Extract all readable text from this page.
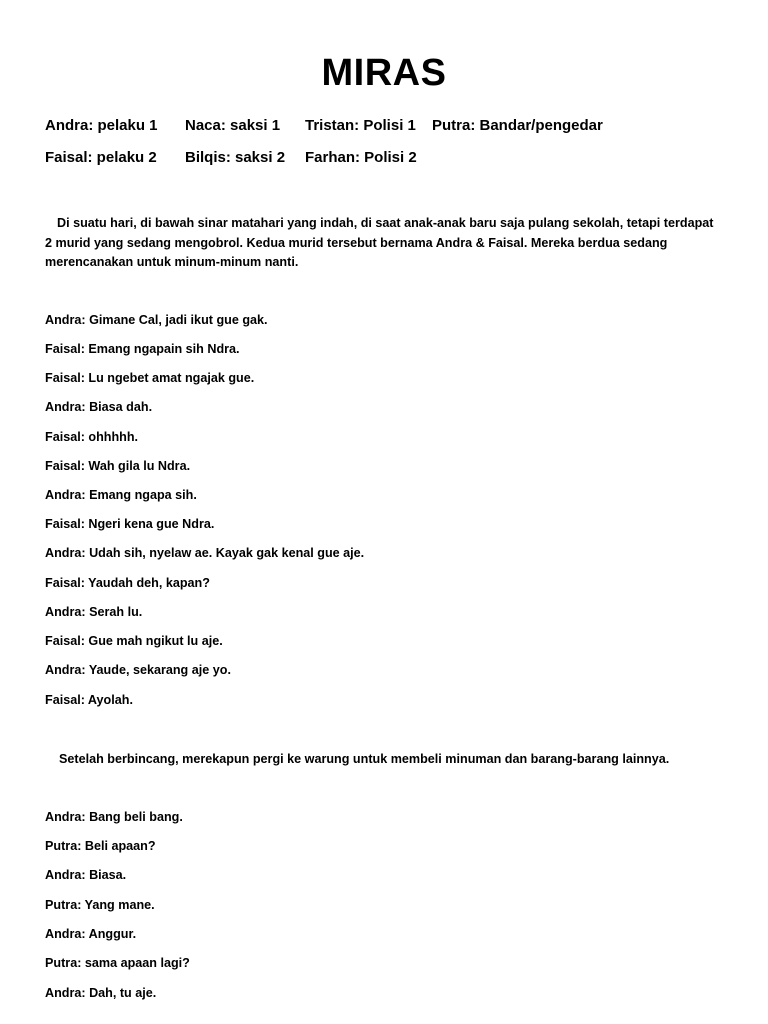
MIRAS
Andra: pelaku 1 Naca: saksi 1 Tristan: Polisi 1 Putra: Bandar/pengedar
Faisal: pelaku 2 Bilqis: saksi 2 Farhan: Polisi 2
Di suatu hari, di bawah sinar matahari yang indah, di saat anak-anak baru saja pulang sekolah, tetapi terdapat 2 murid yang sedang mengobrol. Kedua murid tersebut bernama Andra & Faisal. Mereka berdua sedang merencanakan untuk minum-minum nanti.
Andra: Gimane Cal, jadi ikut gue gak.
Faisal: Emang ngapain sih Ndra.
Faisal: Lu ngebet amat ngajak gue.
Andra: Biasa dah.
Faisal: ohhhhh.
Faisal: Wah gila lu Ndra.
Andra: Emang ngapa sih.
Faisal: Ngeri kena gue Ndra.
Andra: Udah sih, nyelaw ae. Kayak gak kenal gue aje.
Faisal: Yaudah deh, kapan?
Andra: Serah lu.
Faisal: Gue mah ngikut lu aje.
Andra: Yaude, sekarang aje yo.
Faisal: Ayolah.
Setelah berbincang, merekapun pergi ke warung untuk membeli minuman dan barang-barang lainnya.
Andra: Bang beli bang.
Putra: Beli apaan?
Andra: Biasa.
Putra: Yang mane.
Andra: Anggur.
Putra: sama apaan lagi?
Andra: Dah, tu aje.
